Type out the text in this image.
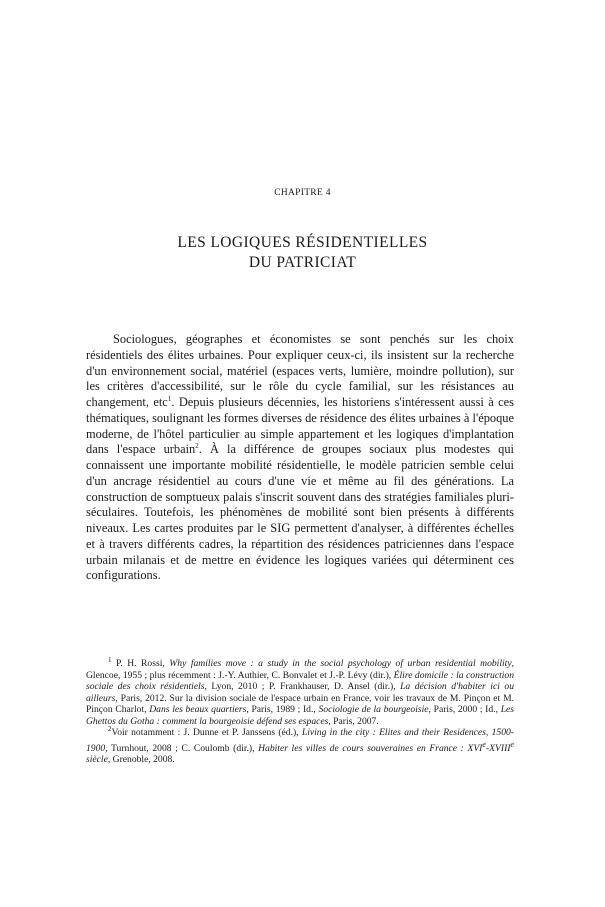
CHAPITRE 4
LES LOGIQUES RÉSIDENTIELLES
DU PATRICIAT

Sociologues, géographes et économistes se sont penchés sur les choix résidentiels des élites urbaines. Pour expliquer ceux-ci, ils insistent sur la recherche d'un environnement social, matériel (espaces verts, lumière, moindre pollution), sur les critères d'accessibilité, sur le rôle du cycle familial, sur les résistances au changement, etc$^1$. Depuis plusieurs décennies, les historiens s'intéressent aussi à ces thématiques, soulignant les formes diverses de résidence des élites urbaines à l'époque moderne, de l'hôtel particulier au simple appartement et les logiques d'implantation dans l'espace urbain$^2$. À la différence de groupes sociaux plus modestes qui connaissent une importante mobilité résidentielle, le modèle patricien semble celui d'un ancrage résidentiel au cours d'une vie et même au fil des générations. La construction de somptueux palais s'inscrit souvent dans des stratégies familiales pluri-séculaires. Toutefois, les phénomènes de mobilité sont bien présents à différents niveaux. Les cartes produites par le SIG permettent d'analyser, à différentes échelles et à travers différents cadres, la répartition des résidences patriciennes dans l'espace urbain milanais et de mettre en évidence les logiques variées qui déterminent ces configurations.

$^1$ P. H. Rossi, Why families move : a study in the social psychology of urban residential mobility, Glencoe, 1955 ; plus récemment : J.-Y. Authier, C. Bonvalet et J.-P. Lévy (dir.), Élire domicile : la construction sociale des choix résidentiels, Lyon, 2010 ; P. Frankhauser, D. Ansel (dir.), La décision d'habiter ici ou ailleurs, Paris, 2012. Sur la division sociale de l'espace urbain en France, voir les travaux de M. Pinçon et M. Pinçon Charlot, Dans les beaux quartiers, Paris, 1989 ; Id., Sociologie de la bourgeoisie, Paris, 2000 ; Id., Les Ghettos du Gotha : comment la bourgeoisie défend ses espaces, Paris, 2007.

$^2$Voir notamment : J. Dunne et P. Janssens (éd.), Living in the city : Elites and their Residences, 1500-1900, Turnhout, 2008 ; C. Coulomb (dir.), Habiter les villes de cours souveraines en France : XVIe-XVIIIe siècle, Grenoble, 2008.
